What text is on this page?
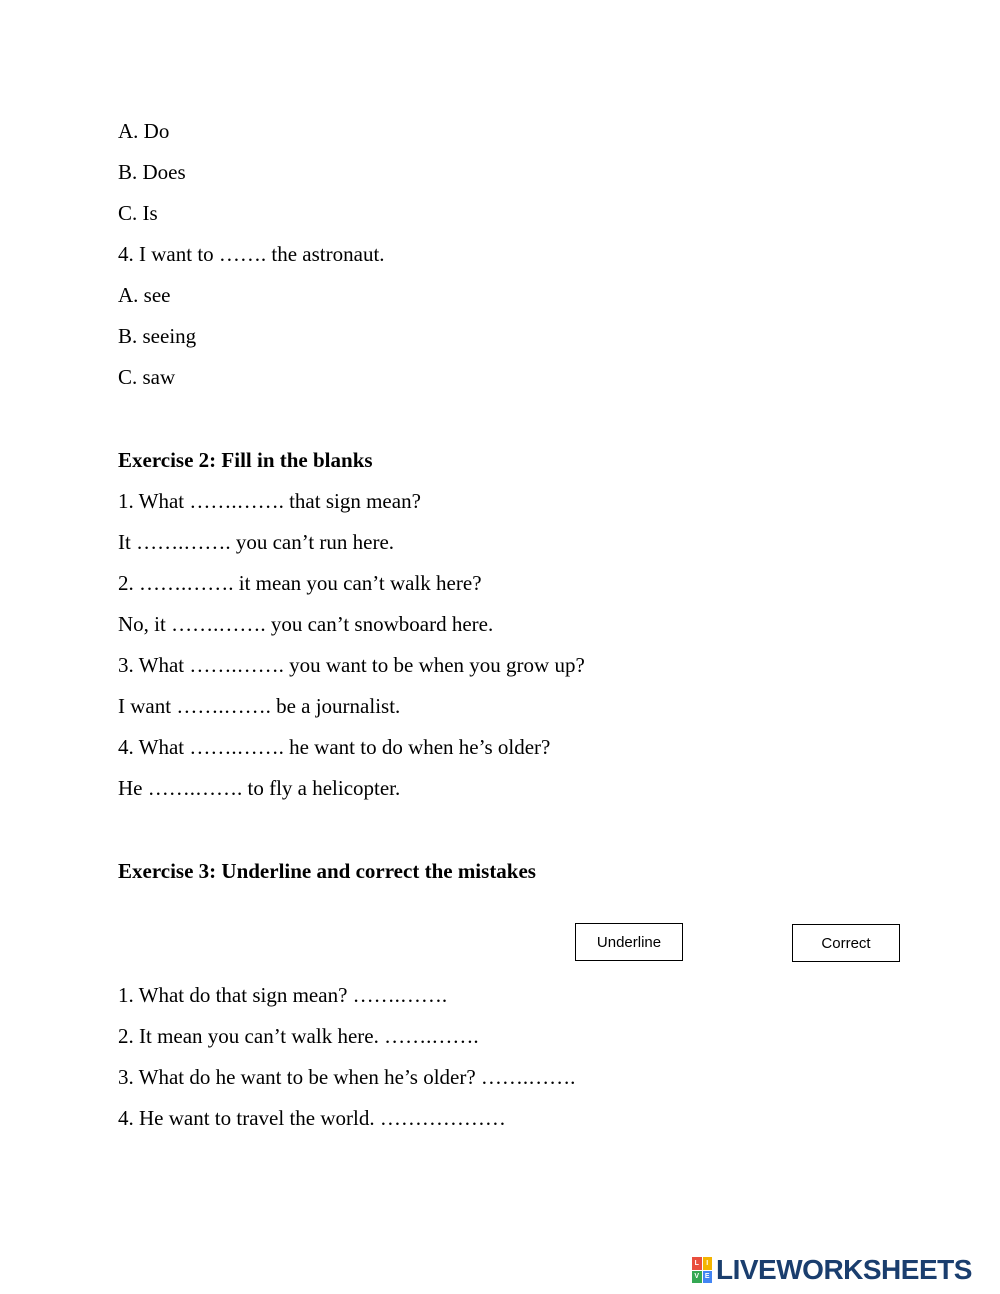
A. Do
B. Does
C. Is
4. I want to ……. the astronaut.
A. see
B. seeing
C. saw
Exercise 2: Fill in the blanks
1. What …….……. that sign mean?
It …….……. you can’t run here.
2. …….……. it mean you can’t walk here?
No, it …….……. you can’t snowboard here.
3. What …….……. you want to be when you grow up?
I want …….……. be a journalist.
4. What …….……. he want to do when he’s older?
He …….……. to fly a helicopter.
Exercise 3: Underline and correct the mistakes
Underline	Correct
1. What do that sign mean? …….…….
2. It mean you can’t walk here. …….…….
3. What do he want to be when he’s older? …….…….
4. He want to travel the world. ………………
L	I
V E LIVEWORKSHEETS
